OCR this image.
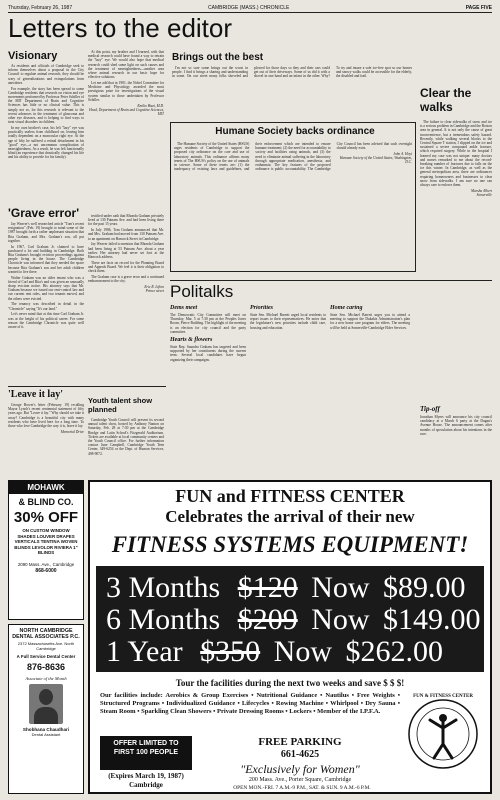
Thursday, February 26, 1987	CAMBRIDGE (MASS.) CHRONICLE	PAGE FIVE
Letters to the editor
Visionary

As residents and officials of Cambridge seek to inform themselves about a proposal in the City Council to regulate animal research, they should be wary of generalizations and extrapolations from anecdotes.

For example, the story has been spread to some Cambridge residents that research on vision and eye movements performed by Professor Peter Schiller of the MIT Department of Brain and Cognitive Sciences has little or no clinical value. This is simply not so, for this research is relevant to the recent advances in the treatment of glaucoma and other eye diseases, and is helping to find ways to treat visual disorders in children.

In my own brother's case, his left "lazy" eye was practically useless from childhood on, leaving him totally dependent on a monocular right eye. At the age of fifty he suffered a retinal detachment in his "good" eye—a not uncommon complication of nearsightedness. As a result, he was left functionally blind (an experience that drastically changed his life and his ability to provide for his family).

At this point, my brother and I learned, with that medical research could have found a way to retrain the "lazy" eye. We would also hope that medical research could shed some light on such causes and the treatment of nearsightedness—another area where animal research in our basic hope for effective solutions.

Let me add that in 1981, the Nobel Committee for Medicine and Physiology awarded the most prestigious prize for investigations of the visual system similar to those undertaken by Professor Schiller.

Emilio Bizzi, M.D.
Head, Department of Brain and Cognitive Sciences, MIT
'Grave error'

Jay Weaver's well researched article "Tom's recent resignation" (Feb. 19) brought to mind some of the 1987 brought forth a rather unpleasant situation that Rita Graham, and Mrs. Graham's son, all put together.

In 1967, Carl Graham Jr. claimed to have purchased a lot and building in Cambridge. Both Rita Graham's brought eviction proceedings against people living in the house. The Cambridge Chronicle was informed that they needed the space because Rita Graham's son and her adult children wanted to live there.

Walter Graham was an older tenant who was a friend of Carl and Rita's and was given an unusually sharp eviction notice. His attorney says that Mr. Graham because we issued our rent-control law and our current rent rules, and two tenants moved, and the others were evicted.

The tenancy was described in detail in the "Chronicle" saying "It's our land."

Let's never mind that at this time Carl Graham Jr. was at the height of his political career. For some reason the Cambridge Chronicle was quite well aware of it.

testified under oath that Rhonda Graham privately lived at 130 Putnam Ave. and had been living there for the past 15 years.

In July 1986, Tom Graham announced that Mr. and Mrs. Graham had moved from 130 Putnam Ave. to an apartment on Hancock Street in Cambridge.

Jay Weaver failed to mention that Rhonda Graham had been living at 53 Putnam Ave. about a year earlier. Her attorney had never set foot at the Hancock address.

These are facts on record for the Planning Board and Appeals Board. We feel it is their obligation to check them.

The Graham case is a grave error and a continued embarrassment to the city.

Eric R. Lifton
Prince street
'Leave it lay'

George Bower's letter (February 19) recalling Mayor Lynch's recent centennial statement of fifty years ago. But "Leave it lay." Why should we take it away? Cambridge is a beautiful city with many residents who have lived here for a long time. To those who love Cambridge the way it is, leave it lay.

Memorial Drive
Youth talent show planned

Cambridge Youth Council will present its second annual talent show, hosted by Anthony Nanton on Saturday, Feb. 28 at 7:30 pm at the Cambridge Rindge and Latin School's Fitzgerald Auditorium. Tickets are available at local community centers and the Youth Council office. For further information contact June Campbell, Cambridge Youth Teen Center, 349-6254 or the Dept. of Human Services, 498-9072.

Brings out the best

I'm not so sure some brings out the worst in people. I find it brings a sharing and understanding in some. On our street many folks shoveled and plowed for those days so they and their cars could get out of their driveways. Some of us did it with a shovel in one hand and an infant in the other. Why? To try and insure a safe ice-free spot so our homes and snowy walks could be accessible for the elderly, the disabled and frail.

Clear the walks

The failure to clear sidewalks of snow and ice is a serious problem in Cambridge and the Boston area in general. It is not only the cause of great inconvenience, but a tremendous safety hazard. Recently, while walking several blocks to the Central Square T station, I slipped on the ice and sustained a severe compound ankle fracture, which required surgery. While in the hospital I learned my case was not unique: many doctors and nurses remarked to me about the record-breaking number of fractures due to falls on the ice this winter. In Cambridge, as well as the general metropolitan area, there are ordinances requiring homeowners and businesses to clear snow from sidewalks. I am sure no one can always care to enforce them.

Marsha Albert
Somerville
Humane Society backs ordinance

The Humane Society of the United States (HSUS) urges residents of Cambridge to support the proposed city ordinance on the care and use of laboratory animals. This ordinance affirms many tenets of The HSUS's policy on the use of animals in science. Some of these tenets are: (1) the inadequacy of existing laws and guidelines, and their enforcement which are intended to ensure humane treatment; (2) the need for accountability to society and facilities using animals, and (3) the need to eliminate animal suffering in the laboratory through appropriate medication, anesthesia, and euthanasia. The key features of the proposed ordinance is public accountability. The Cambridge City Council has been advised that such oversight should already exist.

John A. Hoyt
Humane Society of the United States, Washington, D.C.
Politalks
Dems meet
The Democratic City Committee will meet on Thursday, Mar. 5 at 7:30 pm at the Peoples Jones Room, Pierce Building. The highlight of the meeting is an election for city council and the party committee.
Hearts & flowers
State Rep. Saundra Graham has targeted and been supported by her constituents during the current term. Several local candidates have begun organizing their campaigns.
Priorities
State Sen. Michael Barrett urged local residents to report issues to their representatives. He notes that the legislature's new priorities include child care, housing and education.
Home caring
State Sen. Michael Barrett urges you to attend a meeting to support the Dukakis Administration's plan for a new home care program for elders. The meeting will be held at Somerville-Cambridge Elder Services.
Tip-off
Jonathan Myers will announce his city council candidacy at a March 6 party at the Dugan's Avenue House. The announcement comes after months of speculation about his intentions in the race.
MOHAWK
& BLIND CO.
30% OFF
ON CUSTOM WINDOW SHADES LOUVER DRAPES VERTICALS TENTINA WOVEN BLINDS LEVOLOR RIVIERA 1" BLINDS
2090 Mass. Ave., Cambridge
868-6000
NORTH CAMBRIDGE DENTAL ASSOCIATES P.C.
2372 Massachusetts Ave. North Cambridge
A Full Service Dental Center
876-8636
Associate of the Month
Shobhana Chaudhari
Dental Assistant
FUN and FITNESS CENTER
Celebrates the arrival of their new
FITNESS SYSTEMS EQUIPMENT!
3 Months $120 Now $89.00
6 Months $209 Now $149.00
1 Year $350 Now $262.00
Tour the facilities during the next two weeks and save $ $ $!
Our facilities include: Aerobics & Group Exercises • Nutritional Guidance • Nautilus • Free Weights • Structured Programs • Individualized Guidance • Lifecycles • Rowing Machine • Whirlpool • Dry Sauna • Steam Room • Sparkling Clean Showers • Private Dressing Rooms • Lockers • Member of the I.P.F.A.
FUN & FITNESS CENTER
OFFER LIMITED TO FIRST 100 PEOPLE
(Expires March 19, 1987)
Cambridge
FREE PARKING
661-4625
"Exclusively for Women"
200 Mass. Ave., Porter Square, Cambridge
OPEN MON.-FRI. 7 A.M.-9 P.M., SAT. & SUN. 9 A.M.-6 P.M.
